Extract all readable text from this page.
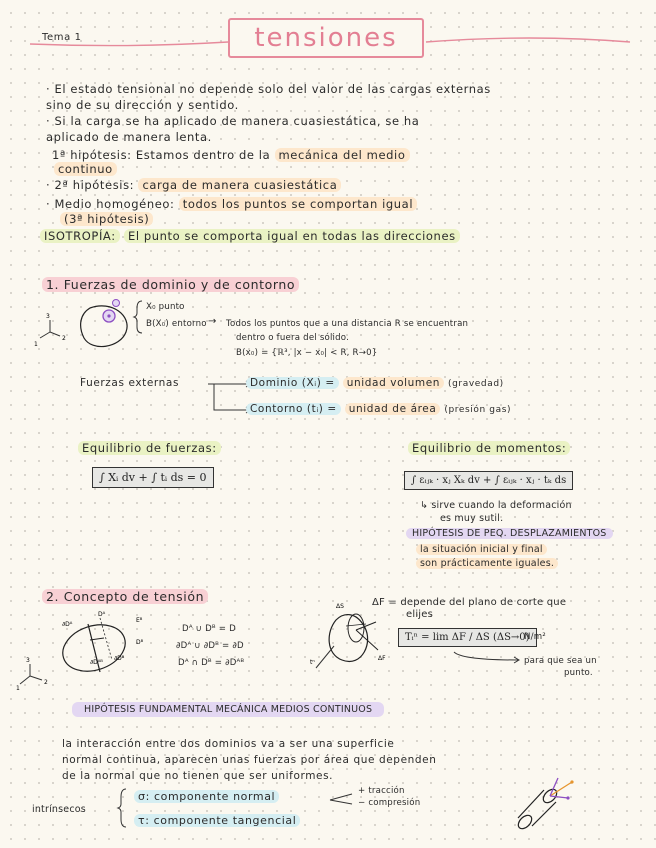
Tema 1	tensiones
· El estado tensional no depende solo del valor de las cargas externas
sino de su dirección y sentido.
· Si la carga se ha aplicado de manera cuasiestática, se ha
aplicado de manera lenta.
1ª hipótesis: Estamos dentro de la mecánica del medio
continuo
· 2ª hipótesis: carga de manera cuasiestática
· Medio homogéneo: todos los puntos se comportan igual
(3ª hipótesis)
ISOTROPÍA: El punto se comporta igual en todas las direcciones
1. Fuerzas de dominio y de contorno
1
2
3
X₀ punto
B(X₀) entorno → Todos los puntos que a una distancia R se encuentran
dentro o fuera del sólido.
B(x₀) = {ℝ³, |x − x₀| < R, R→0}
Fuerzas externas	Dominio (Xᵢ) = unidad volumen (gravedad)
Contorno (tᵢ) = unidad de área (presión gas)
Equilibrio de fuerzas:
∫ Xᵢ dv + ∫ tᵢ ds = 0
Equilibrio de momentos:
∫ εᵢⱼₖ · xⱼ Xₖ dv + ∫ εᵢⱼₖ · xⱼ · tₖ ds
↳ sirve cuando la deformación
es muy sutil.
HIPÓTESIS DE PEQ. DESPLAZAMIENTOS
la situación inicial y final
son prácticamente iguales.
2. Concepto de tensión
1
2
3
∂Dᴬ
Dᴬ
Eᴮ
Dᴮ
∂Dᴮ
∂Dᴬᴮ
Dᴬ ∪ Dᴮ = D
∂Dᴬ ∪ ∂Dᴮ = ∂D
Dᴬ ∩ Dᴮ = ∂Dᴬᴮ	tⁿ
ΔS
ΔF
ΔF = depende del plano de corte que
elijes
Tᵢⁿ = lim ΔF / ΔS (ΔS→0)
N/m²
para que sea un
punto.
HIPÓTESIS FUNDAMENTAL MECÁNICA MEDIOS CONTINUOS
la interacción entre dos dominios va a ser una superficie
normal continua, aparecen unas fuerzas por área que dependen
de la normal que no tienen que ser uniformes.
intrínsecos
σ: componente normal	+ tracción
− compresión
τ: componente tangencial
